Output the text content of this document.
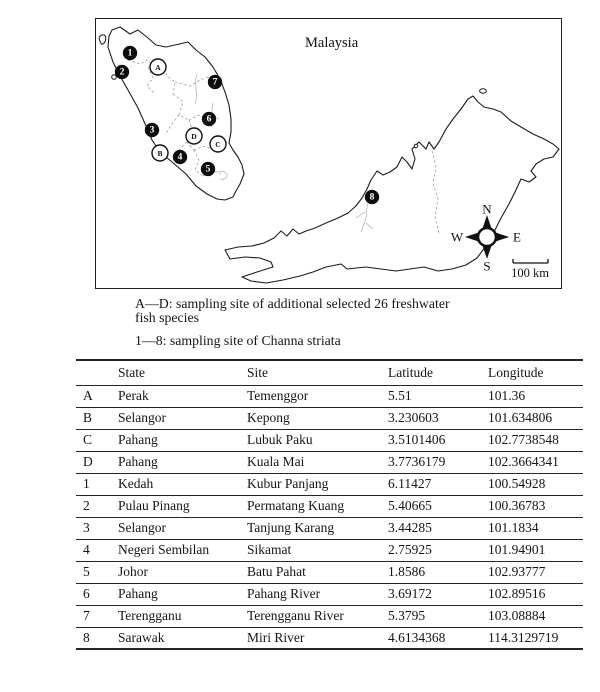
Malaysia
N
W	E
S 100 km
1
2
3
4
5
6
7
8
A
B
C
D
A—D: sampling site of additional selected 26 freshwater
fish species
1—8: sampling site of Channa striata
	State	Site	Latitude	Longitude
A	Perak	Temenggor	5.51	101.36
B	Selangor	Kepong	3.230603	101.634806
C	Pahang	Lubuk Paku	3.5101406	102.7738548
D	Pahang	Kuala Mai	3.7736179	102.3664341
1	Kedah	Kubur Panjang	6.11427	100.54928
2	Pulau Pinang	Permatang Kuang	5.40665	100.36783
3	Selangor	Tanjung Karang	3.44285	101.1834
4	Negeri Sembilan	Sikamat	2.75925	101.94901
5	Johor	Batu Pahat	1.8586	102.93777
6	Pahang	Pahang River	3.69172	102.89516
7	Terengganu	Terengganu River	5.3795	103.08884
8	Sarawak	Miri River	4.6134368	114.3129719
